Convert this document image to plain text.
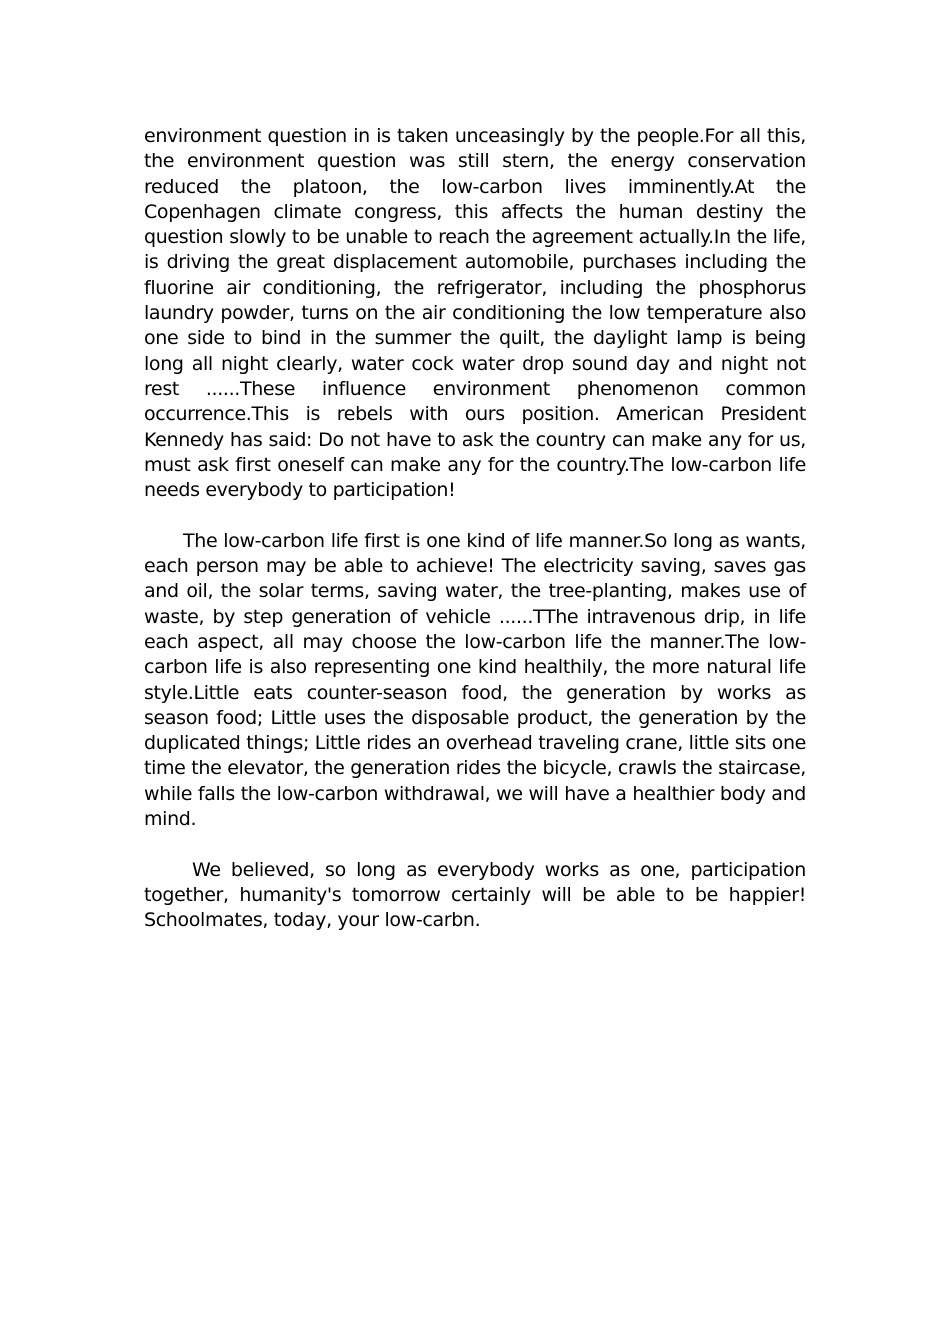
environment question in is taken unceasingly by the people.For all this, the environment question was still stern, the energy conservation reduced the platoon, the low-carbon lives imminently.At the Copenhagen climate congress, this affects the human destiny the question slowly to be unable to reach the agreement actually.In the life, is driving the great displacement automobile, purchases including the fluorine air conditioning, the refrigerator, including the phosphorus laundry powder, turns on the air conditioning the low temperature also one side to bind in the summer the quilt, the daylight lamp is being long all night clearly, water cock water drop sound day and night not rest ......These influence environment phenomenon common occurrence.This is rebels with ours position. American President Kennedy has said: Do not have to ask the country can make any for us, must ask first oneself can make any for the country.The low-carbon life needs everybody to participation!

The low-carbon life first is one kind of life manner.So long as wants, each person may be able to achieve! The electricity saving, saves gas and oil, the solar terms, saving water, the tree-planting, makes use of waste, by step generation of vehicle ......TThe intravenous drip, in life each aspect, all may choose the low-carbon life the manner.The low-carbon life is also representing one kind healthily, the more natural life style.Little eats counter-season food, the generation by works as season food; Little uses the disposable product, the generation by the duplicated things; Little rides an overhead traveling crane, little sits one time the elevator, the generation rides the bicycle, crawls the staircase, while falls the low-carbon withdrawal, we will have a healthier body and mind.

We believed, so long as everybody works as one, participation together, humanity's tomorrow certainly will be able to be happier! Schoolmates, today, your low-carbn.
